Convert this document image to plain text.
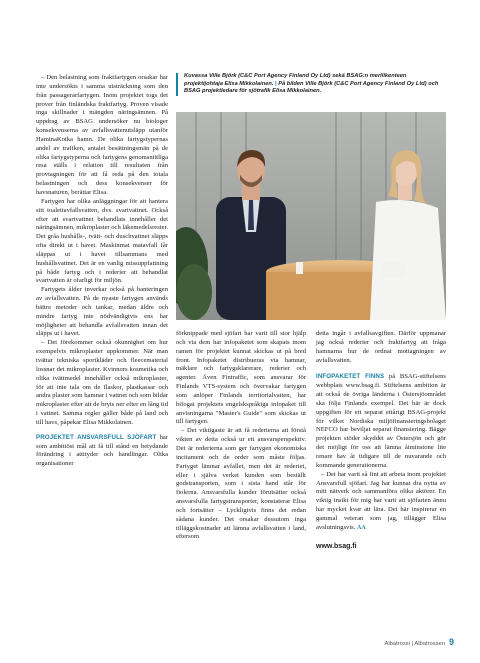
– Den belastning som fraktfartygen orsakar har inte undersökts i samma utsträckning som den från passagerarfartygen. Inom projektet togs det prover från finländska fraktfartyg. Proven visade inga skillnader i mängden näringsämnen. På uppdrag av BSAG undersöker nu biologer konsekvenserna av avfallsvattenutsläpp utanför HaminaKotka hamn. De olika fartygstypernas andel av trafiken, antalet besättningsmän på de olika fartygstyperna och fartygens genomsnittliga resa ställs i relation till resultaten från provtagningen för att få reda på den totala belastningen och dess konsekvenser för havsnaturen, berättar Elisa.

Fartygen har olika anläggningar för att hantera sitt toalettavfallsvatten, dvs. svartvattnet. Också efter att svartvattnet behandlats innehåller det näringsämnen, mikroplaster och läkemedelsrester. Det gråa hushålls-, tvätt- och duschvattnet släpps ofta direkt ut i havet. Maskinmat matavfall får släppas ut i havet tillsammans med hushållsvattnet. Det är en vanlig missuppfattning på både fartyg och i rederier att behandlat svartvatten är ofarligt för miljön.

Fartygets ålder inverkar också på hanteringen av avfallsvatten. På de nyaste fartygen används bättre metoder och tankar, medan äldre och mindre fartyg inte nödvändigtvis ens har möjligheter att behandla avfallsvatten innan det släpps ut i havet.

– Det förekommer också okunnighet om hur exempelvis mikroplaster uppkommer. När man tvättar tekniska sportkläder och fleecematerial lossnar det mikroplaster. Kvinnors kosmetika och olika tvättmedel innehåller också mikroplaster, för att inte tala om de flaskor, plastkassar och andra plaster som hamnar i vattnet och som bildar mikroplaster efter att de bryts ner efter en lång tid i vattnet. Samma regler gäller både på land och till havs, påpekar Elisa Mikkolainen.

PROJEKTET ANSVARSFULL SJÖFART har som ambitiöst mål att få till stånd en betydande förändring i attityder och handlingar. Olika organisationer

Kuvassa Ville Björk (C&C Port Agency Finland Oy Ltd) sekä BSAG:n merilikenteen projektijohtaja Elisa Mikkolainen. | På bilden Ville Björk (C&C Port Agency Finland Oy Ltd) och BSAG projektledare för sjötrafik Elisa Mikkolainen.

förknippade med sjöfart har varit till stor hjälp och via dem har infopaketet som skapats inom ramen för projektet kunnat skickas ut på bred front. Infopaketet distribueras via hamnar, mäklare och fartygsklarerare, rederier och agenter. Även Fintraffic, som ansvarar för Finlands VTS-system och övervakar fartygen som anlöper Finlands territorialvatten, har bifogat projektets engelskspråkiga infopaket till anvisningarna "Master's Guide" som skickas ut till fartygen.

– Det viktigaste är att få rederierna att förstå vikten av detta också ur ett ansvarsperspektiv. Det är rederierna som ger fartygen ekonomiska incitament och de order som måste följas. Fartyget lämnar avfallet, men det är rederiet, eller i själva verket kunden som beställt godstransporten, som i sista hand står för fiolerna. Ansvarsfulla kunder förutsätter också ansvarsfulla fartygstransporter, konstaterar Elisa och fortsätter – Lyckligtvis finns det redan sådana kunder. Det orsakar dessutom inga tilläggskostnader att lämna avfallsvatten i land, eftersom

detta ingår i avfallsavgiften. Därför uppmanar jag också rederier och fraktfartyg att fråga hamnarna hur de ordnat mottagningen av avfallsvatten.

INFOPAKETET FINNS på BSAG-stiftelsens webbplats www.bsag.fi. Stiftelsens ambition är att också de övriga länderna i Östersjöområdet ska följa Finlands exempel. Det här är dock uppgiften för ett separat ettårigt BSAG-projekt för vilket Nordiska miljöfinansieringsbolaget NEFCO har beviljat separat finansiering. Bägge projekten stöder skyddet av Östersjön och gör det möjligt för oss att lämna åtminstone lite renare hav åt tidigare till de nuvarande och kommande generationerna.

– Det har varit så fint att arbeta inom projektet Ansvarsfull sjöfart. Jag har kunnat dra nytta av mitt nätverk och sammanföra olika aktörer. En viktig insikt för mig har varit att sjöfarten ännu har mycket kvar att lära. Det här inspirerar en gammal veteran som jag, tillägger Elisa avslutningsvis. AA

www.bsag.fi
Albatrossi | Albatrossen 9
